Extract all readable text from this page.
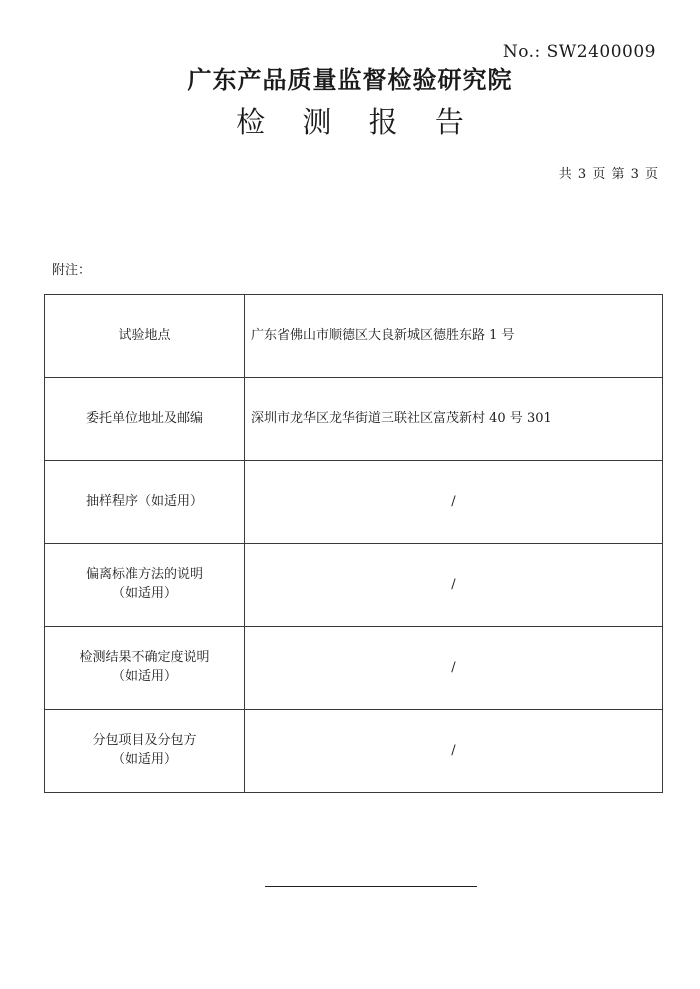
No.: SW2400009
广东产品质量监督检验研究院
检 测 报 告
共 3 页 第 3 页
附注：
试验地点	广东省佛山市顺德区大良新城区德胜东路 1 号
委托单位地址及邮编	深圳市龙华区龙华街道三联社区富茂新村 40 号 301
抽样程序（如适用）	/

偏离标准方法的说明
（如适用）	/

检测结果不确定度说明
（如适用）	/

分包项目及分包方
（如适用）	/
